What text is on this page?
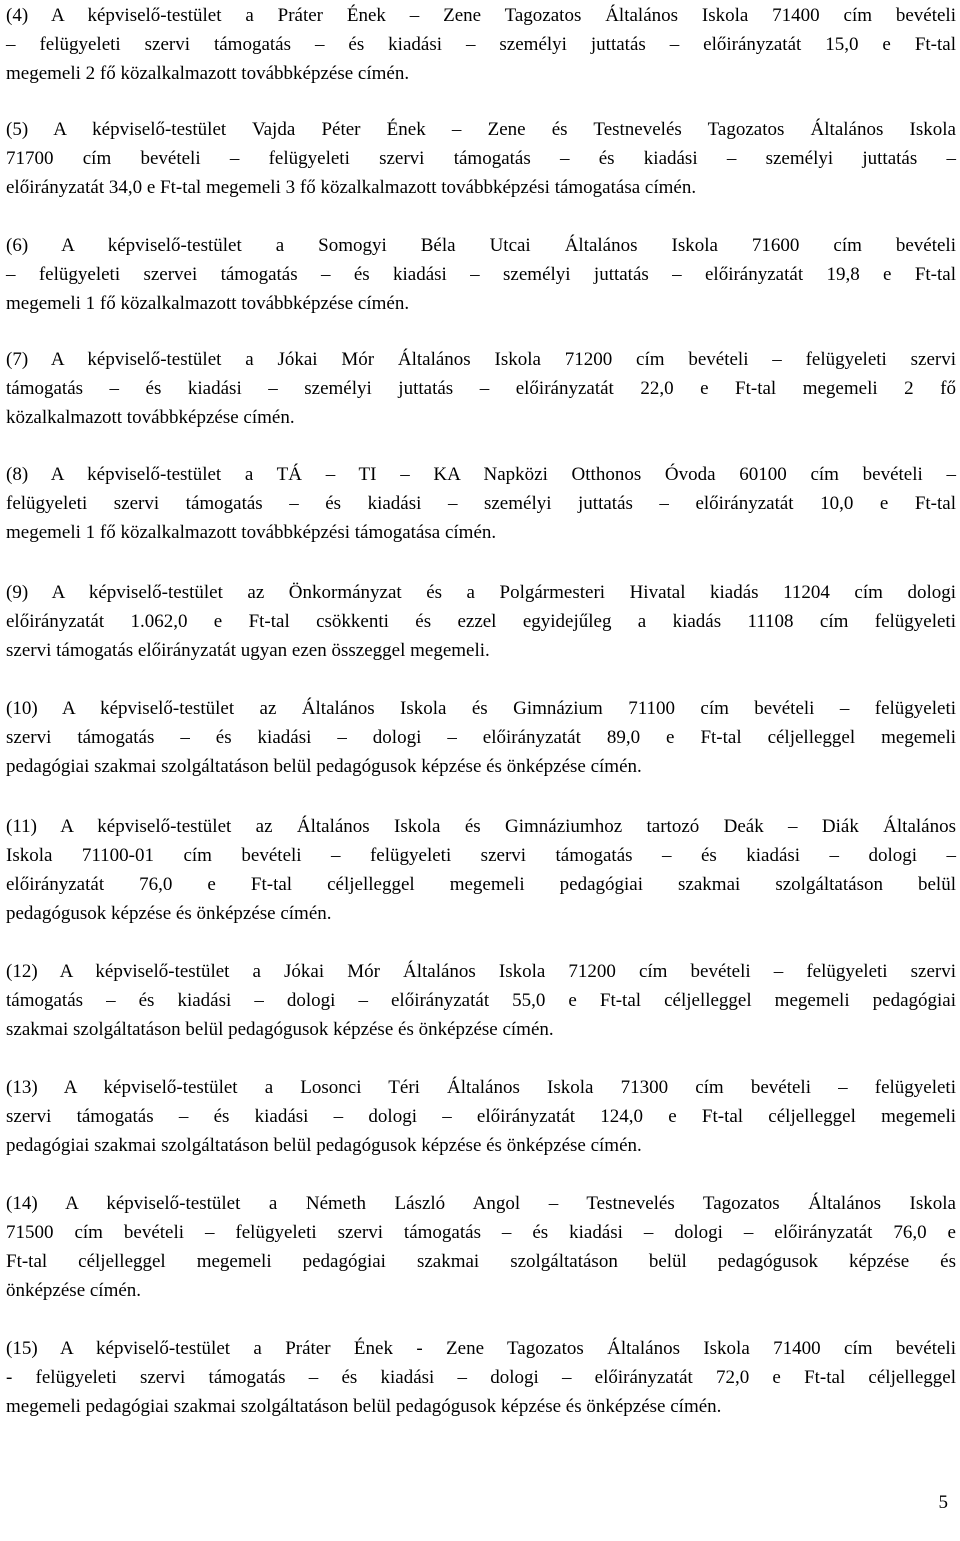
(4) A képviselő-testület a Práter Ének – Zene Tagozatos Általános Iskola 71400 cím bevételi
– felügyeleti szervi támogatás – és kiadási – személyi juttatás – előirányzatát 15,0 e Ft-tal
megemeli 2 fő közalkalmazott továbbképzése címén.
(5) A képviselő-testület Vajda Péter Ének – Zene és Testnevelés Tagozatos Általános Iskola
71700 cím bevételi – felügyeleti szervi támogatás – és kiadási – személyi juttatás –
előirányzatát 34,0 e Ft-tal megemeli 3 fő közalkalmazott továbbképzési támogatása címén.
(6) A képviselő-testület a Somogyi Béla Utcai Általános Iskola 71600 cím bevételi
– felügyeleti szervei támogatás – és kiadási – személyi juttatás – előirányzatát 19,8 e Ft-tal
megemeli 1 fő közalkalmazott továbbképzése címén.
(7) A képviselő-testület a Jókai Mór Általános Iskola 71200 cím bevételi – felügyeleti szervi
támogatás – és kiadási – személyi juttatás – előirányzatát 22,0 e Ft-tal megemeli 2 fő
közalkalmazott továbbképzése címén.
(8) A képviselő-testület a TÁ – TI – KA Napközi Otthonos Óvoda 60100 cím bevételi –
felügyeleti szervi támogatás – és kiadási – személyi juttatás – előirányzatát 10,0 e Ft-tal
megemeli 1 fő közalkalmazott továbbképzési támogatása címén.
(9) A képviselő-testület az Önkormányzat és a Polgármesteri Hivatal kiadás 11204 cím dologi
előirányzatát 1.062,0 e Ft-tal csökkenti és ezzel egyidejűleg a kiadás 11108 cím felügyeleti
szervi támogatás előirányzatát ugyan ezen összeggel megemeli.
(10) A képviselő-testület az Általános Iskola és Gimnázium 71100 cím bevételi – felügyeleti
szervi támogatás – és kiadási – dologi – előirányzatát 89,0 e Ft-tal céljelleggel megemeli
pedagógiai szakmai szolgáltatáson belül pedagógusok képzése és önképzése címén.
(11) A képviselő-testület az Általános Iskola és Gimnáziumhoz tartozó Deák – Diák Általános
Iskola 71100-01 cím bevételi – felügyeleti szervi támogatás – és kiadási – dologi –
előirányzatát 76,0 e Ft-tal céljelleggel megemeli pedagógiai szakmai szolgáltatáson belül
pedagógusok képzése és önképzése címén.
(12) A képviselő-testület a Jókai Mór Általános Iskola 71200 cím bevételi – felügyeleti szervi
támogatás – és kiadási – dologi – előirányzatát 55,0 e Ft-tal céljelleggel megemeli pedagógiai
szakmai szolgáltatáson belül pedagógusok képzése és önképzése címén.
(13) A képviselő-testület a Losonci Téri Általános Iskola 71300 cím bevételi – felügyeleti
szervi támogatás – és kiadási – dologi – előirányzatát 124,0 e Ft-tal céljelleggel megemeli
pedagógiai szakmai szolgáltatáson belül pedagógusok képzése és önképzése címén.
(14) A képviselő-testület a Németh László Angol – Testnevelés Tagozatos Általános Iskola
71500 cím bevételi – felügyeleti szervi támogatás – és kiadási – dologi – előirányzatát 76,0 e
Ft-tal céljelleggel megemeli pedagógiai szakmai szolgáltatáson belül pedagógusok képzése és
önképzése címén.
(15) A képviselő-testület a Práter Ének - Zene Tagozatos Általános Iskola 71400 cím bevételi
- felügyeleti szervi támogatás – és kiadási – dologi – előirányzatát 72,0 e Ft-tal céljelleggel
megemeli pedagógiai szakmai szolgáltatáson belül pedagógusok képzése és önképzése címén.
5
